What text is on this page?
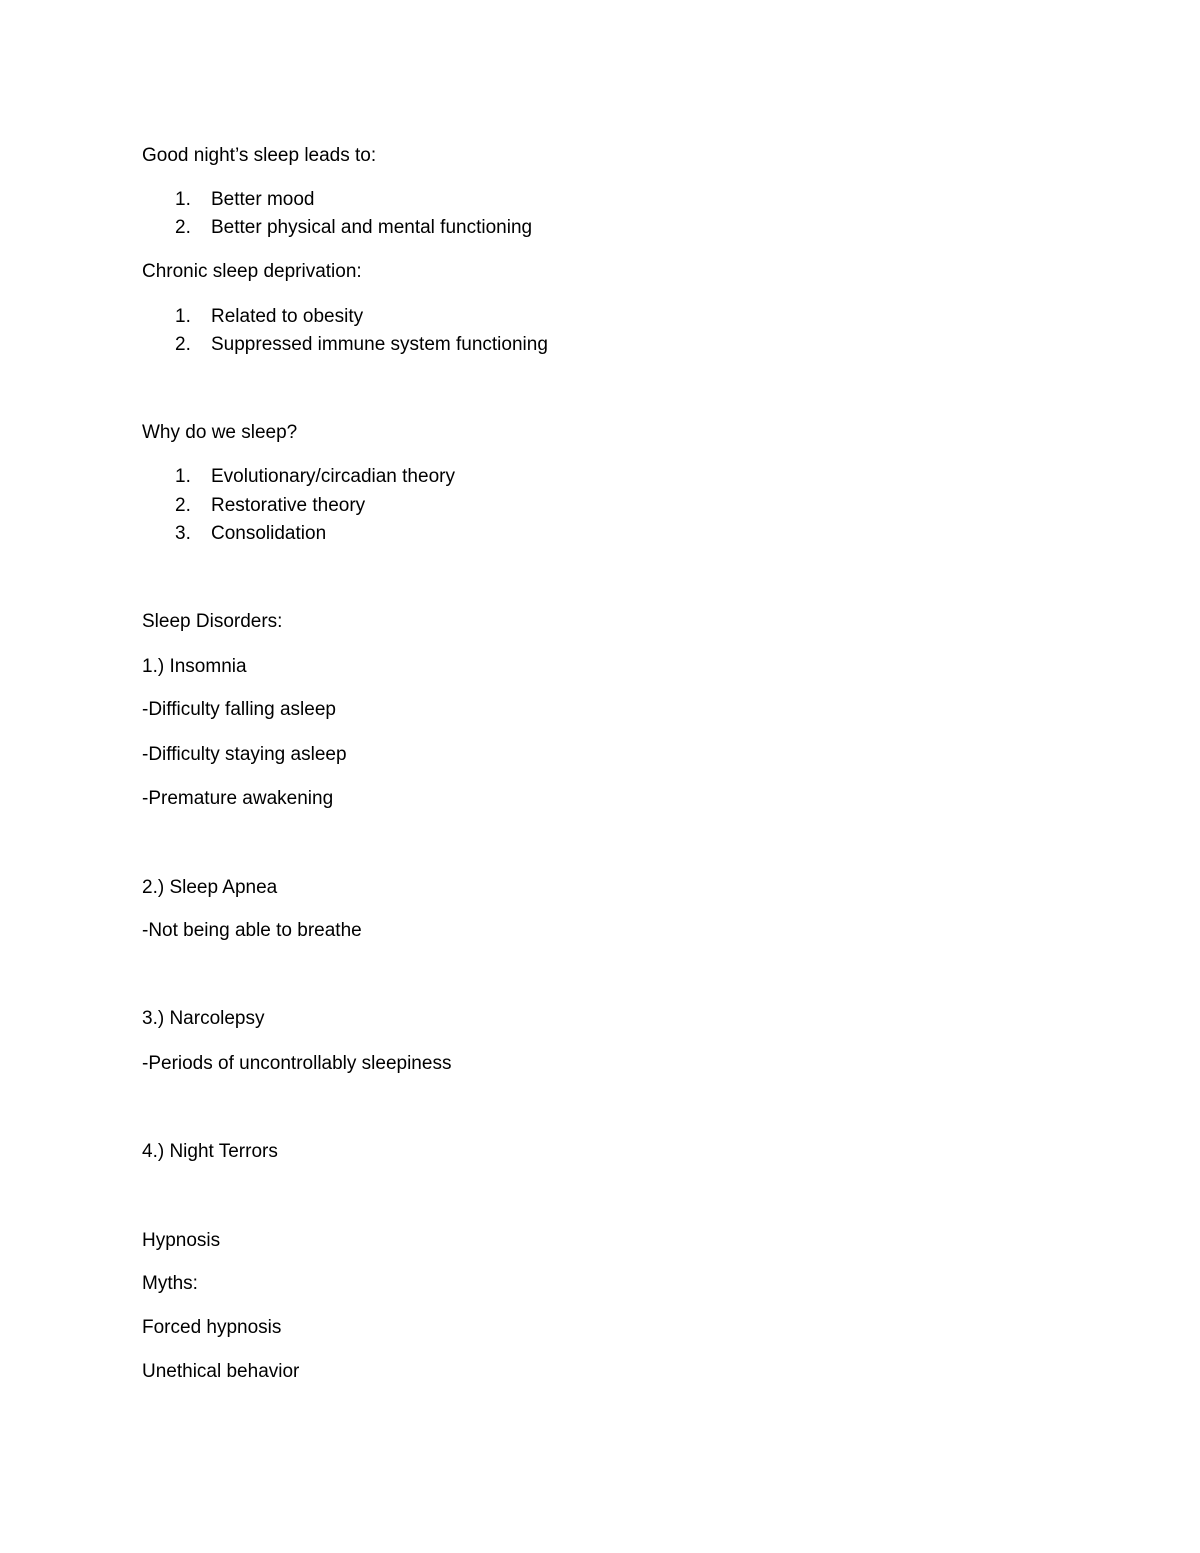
Good night’s sleep leads to:
1. Better mood
2. Better physical and mental functioning
Chronic sleep deprivation:
1. Related to obesity
2. Suppressed immune system functioning
Why do we sleep?
1. Evolutionary/circadian theory
2. Restorative theory
3. Consolidation
Sleep Disorders:
1.) Insomnia
-Difficulty falling asleep
-Difficulty staying asleep
-Premature awakening
2.) Sleep Apnea
-Not being able to breathe
3.) Narcolepsy
-Periods of uncontrollably sleepiness
4.) Night Terrors
Hypnosis
Myths:
Forced hypnosis
Unethical behavior
